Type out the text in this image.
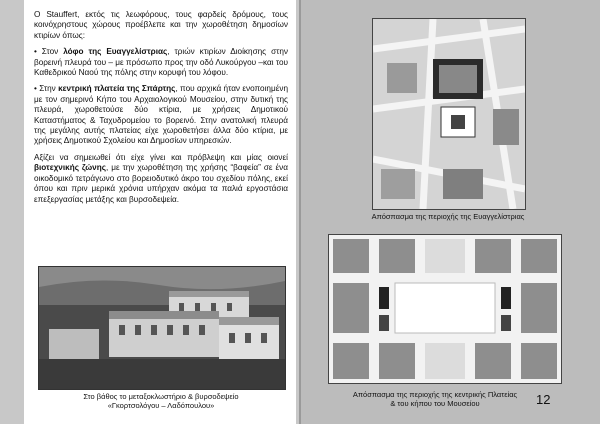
Ο Stauffert, εκτός τις λεωφόρους, τους φαρδείς δρόμους, τους κοινόχρηστους χώρους προέβλεπε και την χωροθέτηση δημοσίων κτιρίων όπως:

• Στον λόφο της Ευαγγελίστριας, τριών κτιρίων Διοίκησης στην βορεινή πλευρά του – με πρόσωπο προς την οδό Λυκούργου –και του Καθεδρικού Ναού της πόλης στην κορυφή του λόφου.

• Στην κεντρική πλατεία της Σπάρτης, που αρχικά ήταν ενοποιημένη με τον σημερινό Κήπο του Αρχαιολογικού Μουσείου, στην δυτική της πλευρά, χωροθετούσε δύο κτίρια, με χρήσεις Δημοτικού Καταστήματος & Ταχυδρομείου το βορεινό. Στην ανατολική πλευρά της μεγάλης αυτής πλατείας είχε χωροθετήσει άλλα δύο κτίρια, με χρήσεις Δημοτικού Σχολείου και Δημοσίων υπηρεσιών.

Αξίζει να σημειωθεί ότι είχε γίνει και πρόβλεψη και μίας οιονεί βιοτεχνικής ζώνης, με την χωροθέτηση της χρήσης “βαφεία” σε ένα οικοδομικό τετράγωνο στο βορειοδυτικό άκρο του σχεδίου πόλης, εκεί όπου και πριν μερικά χρόνια υπήρχαν ακόμα τα παλιά εργοστάσια επεξεργασίας μετάξης και βυρσοδεψεία.

Στο βάθος το μεταξοκλωστήριο & βυρσοδεψείο
«Γκορτσολόγου – Λαδόπουλου»
Απόσπασμα της περιοχής της Ευαγγελίστριας
Απόσπασμα της περιοχής της κεντρικής Πλατείας
& του κήπου του Μουσείου	12
